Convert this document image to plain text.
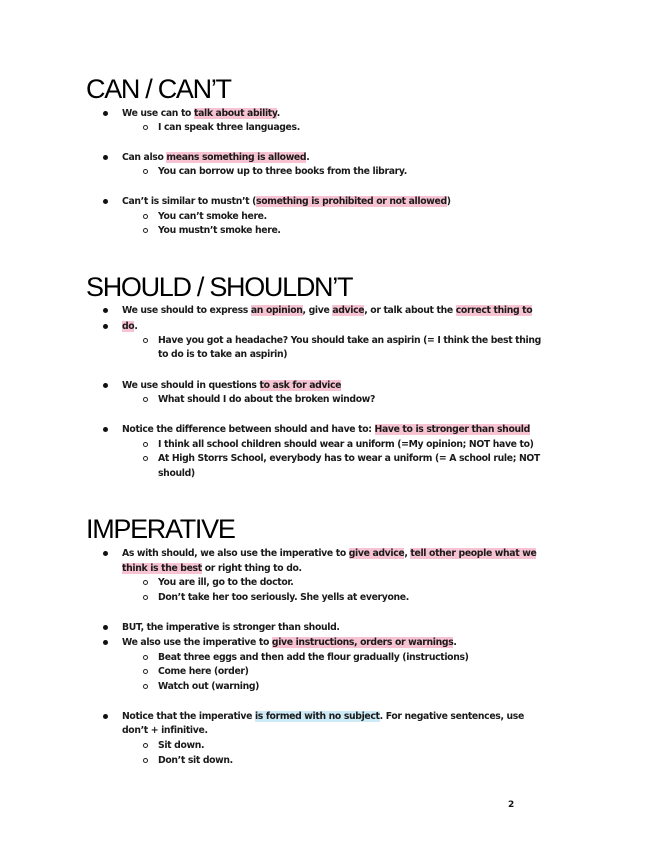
CAN / CAN’T

We use can to talk about ability.

I can speak three languages.

Can also means something is allowed.

You can borrow up to three books from the library.

Can’t is similar to mustn’t (something is prohibited or not allowed)

You can’t smoke here.

You mustn’t smoke here.

SHOULD / SHOULDN’T

We use should to express an opinion, give advice, or talk about the correct thing to

do.

Have you got a headache? You should take an aspirin (= I think the best thing

to do is to take an aspirin)

We use should in questions to ask for advice

What should I do about the broken window?

Notice the difference between should and have to: Have to is stronger than should

I think all school children should wear a uniform (=My opinion; NOT have to)

At High Storrs School, everybody has to wear a uniform (= A school rule; NOT

should)

IMPERATIVE

As with should, we also use the imperative to give advice, tell other people what we

think is the best or right thing to do.

You are ill, go to the doctor.

Don’t take her too seriously. She yells at everyone.

BUT, the imperative is stronger than should.

We also use the imperative to give instructions, orders or warnings.

Beat three eggs and then add the flour gradually (instructions)

Come here (order)

Watch out (warning)

Notice that the imperative is formed with no subject. For negative sentences, use

don’t + infinitive.

Sit down.

Don’t sit down.

2
